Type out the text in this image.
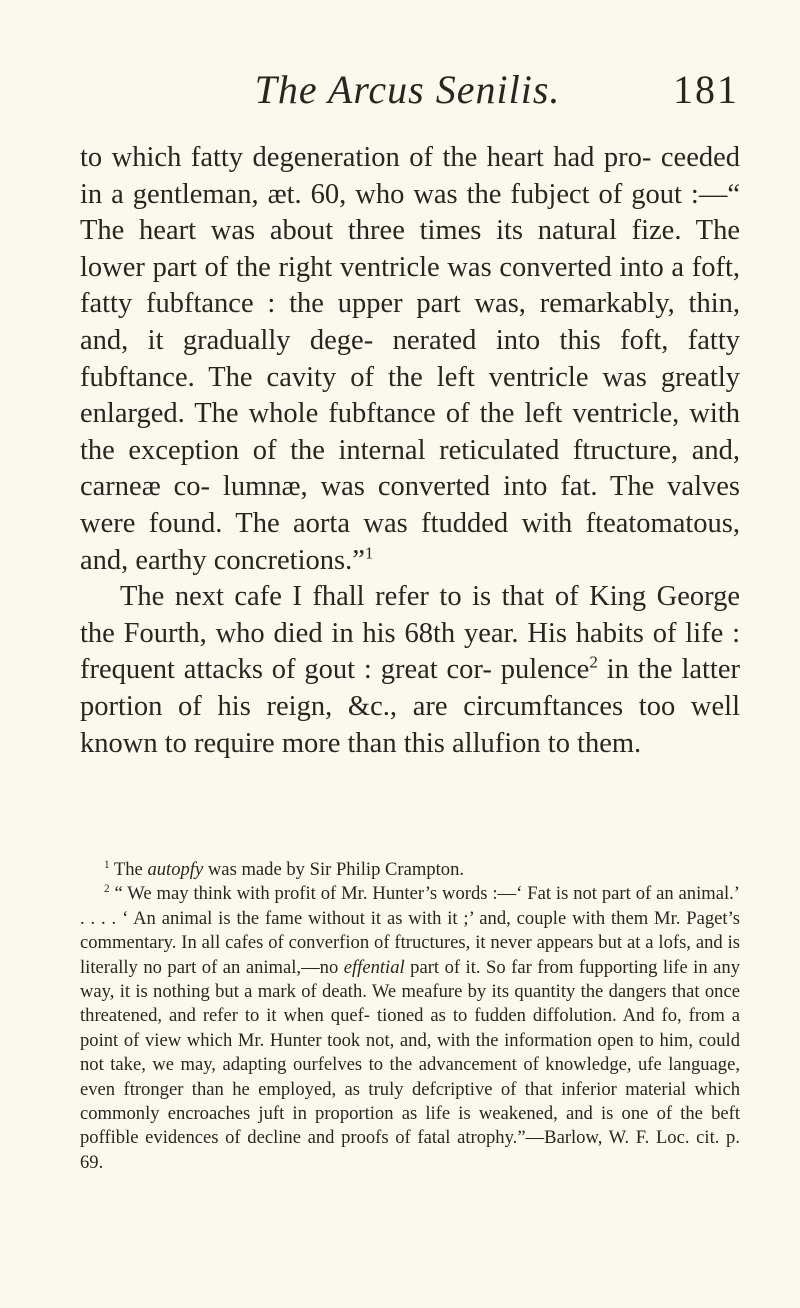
The Arcus Senilis.	181

to which fatty degeneration of the heart had pro- ceeded in a gentleman, æt. 60, who was the fubject of gout :—“ The heart was about three times its natural fize. The lower part of the right ventricle was converted into a foft, fatty fubftance : the upper part was, remarkably, thin, and, it gradually dege- nerated into this foft, fatty fubftance. The cavity of the left ventricle was greatly enlarged. The whole fubftance of the left ventricle, with the exception of the internal reticulated ftructure, and, carneæ co- lumnæ, was converted into fat. The valves were found. The aorta was ftudded with fteatomatous, and, earthy concretions.”$^1$

The next cafe I fhall refer to is that of King George the Fourth, who died in his 68th year. His habits of life : frequent attacks of gout : great cor- pulence$^2$ in the latter portion of his reign, &c., are circumftances too well known to require more than this allufion to them.

$^1$ The autopfy was made by Sir Philip Crampton.

$^2$ “ We may think with profit of Mr. Hunter’s words :—‘ Fat is not part of an animal.’ . . . . ‘ An animal is the fame without it as with it ;’ and, couple with them Mr. Paget’s commentary. In all cafes of converfion of ftructures, it never appears but at a lofs, and is literally no part of an animal,—no effential part of it. So far from fupporting life in any way, it is nothing but a mark of death. We meafure by its quantity the dangers that once threatened, and refer to it when quef- tioned as to fudden diffolution. And fo, from a point of view which Mr. Hunter took not, and, with the information open to him, could not take, we may, adapting ourfelves to the advancement of knowledge, ufe language, even ftronger than he employed, as truly defcriptive of that inferior material which commonly encroaches juft in proportion as life is weakened, and is one of the beft poffible evidences of decline and proofs of fatal atrophy.”—Barlow, W. F. Loc. cit. p. 69.
